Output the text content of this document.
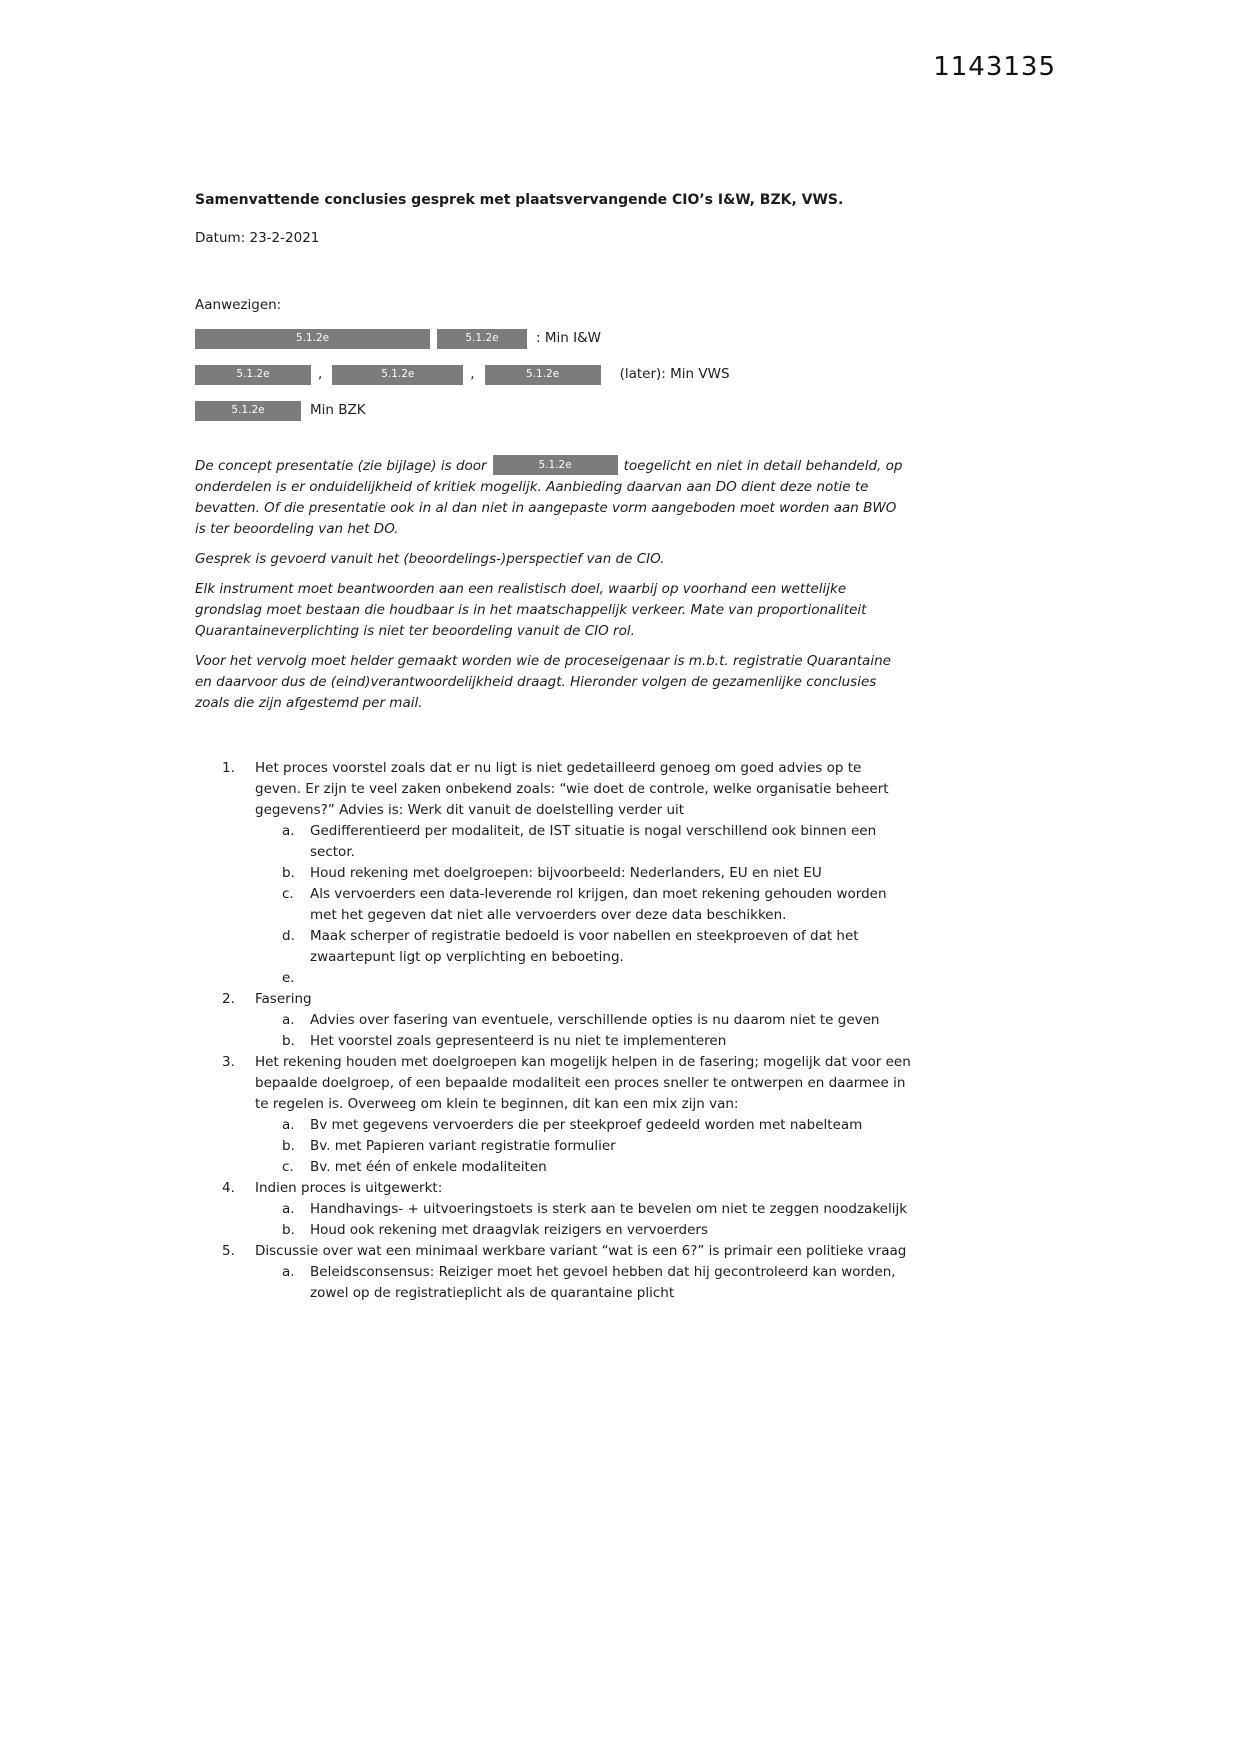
1143135

Samenvattende conclusies gesprek met plaatsvervangende CIO’s I&W, BZK, VWS.

Datum: 23-2-2021

Aanwezigen:

5.1.2e	5.1.2e	: Min I&W
5.1.2e	,	5.1.2e	,	5.1.2e	(later): Min VWS
5.1.2e	Min BZK

De concept presentatie (zie bijlage) is door	5.1.2e	toegelicht en niet in detail behandeld, op onderdelen is er onduidelijkheid of kritiek mogelijk. Aanbieding daarvan aan DO dient deze notie te bevatten. Of die presentatie ook in al dan niet in aangepaste vorm aangeboden moet worden aan BWO is ter beoordeling van het DO.

Gesprek is gevoerd vanuit het (beoordelings-)perspectief van de CIO.

Elk instrument moet beantwoorden aan een realistisch doel, waarbij op voorhand een wettelijke grondslag moet bestaan die houdbaar is in het maatschappelijk verkeer. Mate van proportionaliteit Quarantaineverplichting is niet ter beoordeling vanuit de CIO rol.

Voor het vervolg moet helder gemaakt worden wie de proceseigenaar is m.b.t. registratie Quarantaine en daarvoor dus de (eind)verantwoordelijkheid draagt. Hieronder volgen de gezamenlijke conclusies zoals die zijn afgestemd per mail.

1.	Het proces voorstel zoals dat er nu ligt is niet gedetailleerd genoeg om goed advies op te geven. Er zijn te veel zaken onbekend zoals: “wie doet de controle, welke organisatie beheert gegevens?” Advies is: Werk dit vanuit de doelstelling verder uit
a.	Gedifferentieerd per modaliteit, de IST situatie is nogal verschillend ook binnen een sector.
b.	Houd rekening met doelgroepen: bijvoorbeeld: Nederlanders, EU en niet EU
c.	Als vervoerders een data-leverende rol krijgen, dan moet rekening gehouden worden met het gegeven dat niet alle vervoerders over deze data beschikken.
d.	Maak scherper of registratie bedoeld is voor nabellen en steekproeven of dat het zwaartepunt ligt op verplichting en beboeting.
e.
2.	Fasering
a.	Advies over fasering van eventuele, verschillende opties is nu daarom niet te geven
b.	Het voorstel zoals gepresenteerd is nu niet te implementeren
3.	Het rekening houden met doelgroepen kan mogelijk helpen in de fasering; mogelijk dat voor een bepaalde doelgroep, of een bepaalde modaliteit een proces sneller te ontwerpen en daarmee in te regelen is. Overweeg om klein te beginnen, dit kan een mix zijn van:
a.	Bv met gegevens vervoerders die per steekproef gedeeld worden met nabelteam
b.	Bv. met Papieren variant registratie formulier
c.	Bv. met één of enkele modaliteiten
4.	Indien proces is uitgewerkt:
a.	Handhavings- + uitvoeringstoets is sterk aan te bevelen om niet te zeggen noodzakelijk
b.	Houd ook rekening met draagvlak reizigers en vervoerders
5.	Discussie over wat een minimaal werkbare variant “wat is een 6?” is primair een politieke vraag
a.	Beleidsconsensus: Reiziger moet het gevoel hebben dat hij gecontroleerd kan worden, zowel op de registratieplicht als de quarantaine plicht
